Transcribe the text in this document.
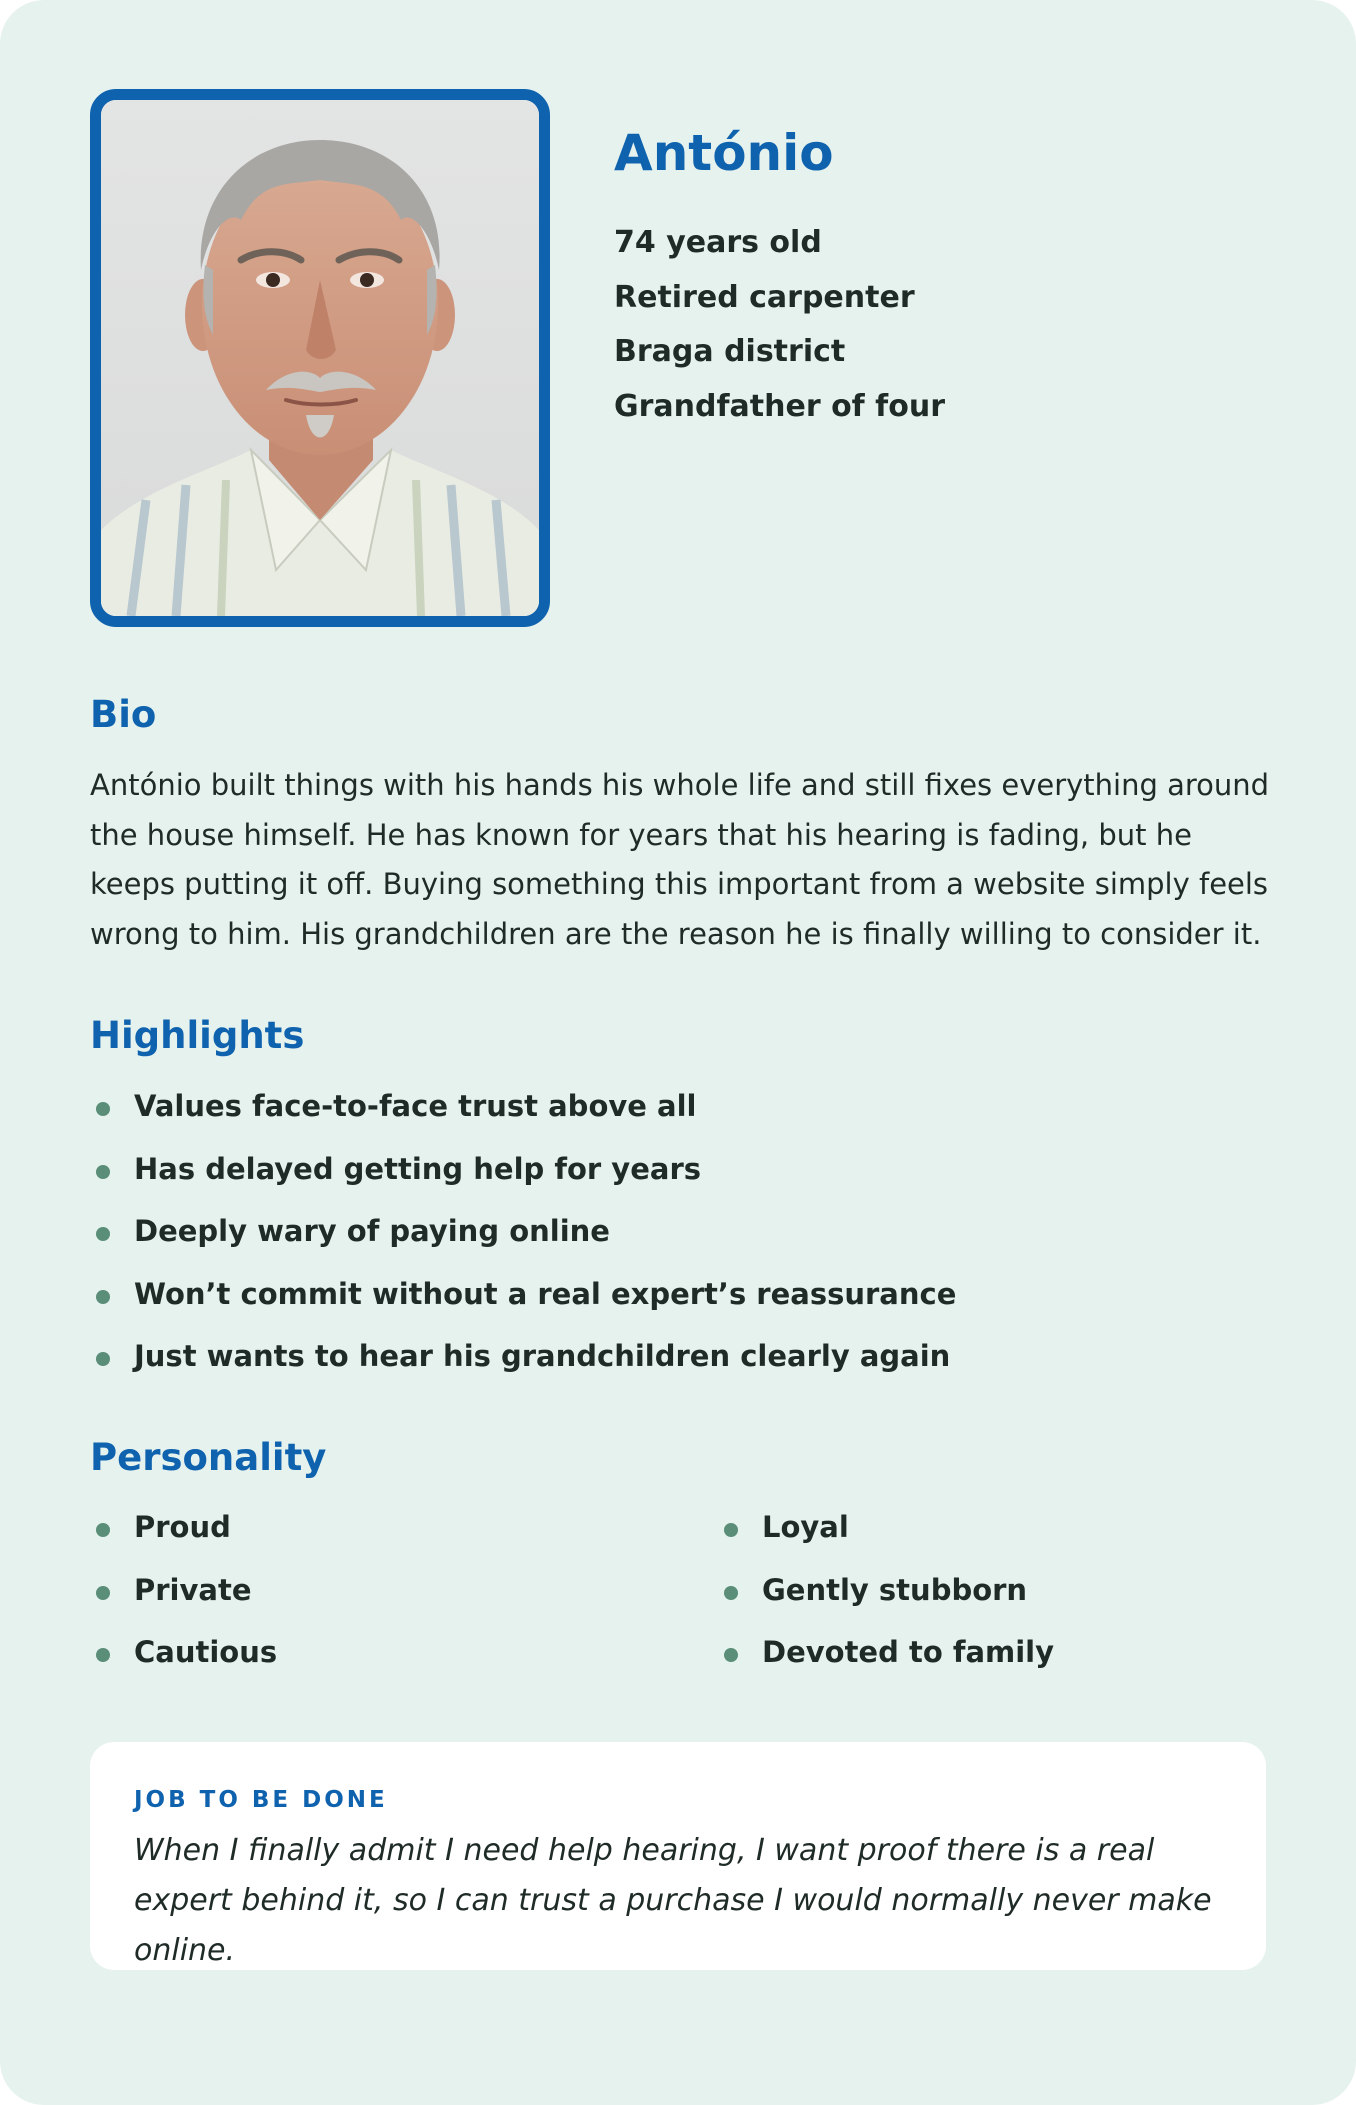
António
74 years old
Retired carpenter
Braga district
Grandfather of four
Bio

António built things with his hands his whole life and still fixes everything around the house himself. He has known for years that his hearing is fading, but he keeps putting it off. Buying something this important from a website simply feels wrong to him. His grandchildren are the reason he is finally willing to consider it.

Highlights
Values face-to-face trust above all
Has delayed getting help for years
Deeply wary of paying online
Won’t commit without a real expert’s reassurance
Just wants to hear his grandchildren clearly again
Personality
Proud
Private
Cautious
Loyal
Gently stubborn
Devoted to family

JOB TO BE DONE

When I finally admit I need help hearing, I want proof there is a real expert behind it, so I can trust a purchase I would normally never make online.
